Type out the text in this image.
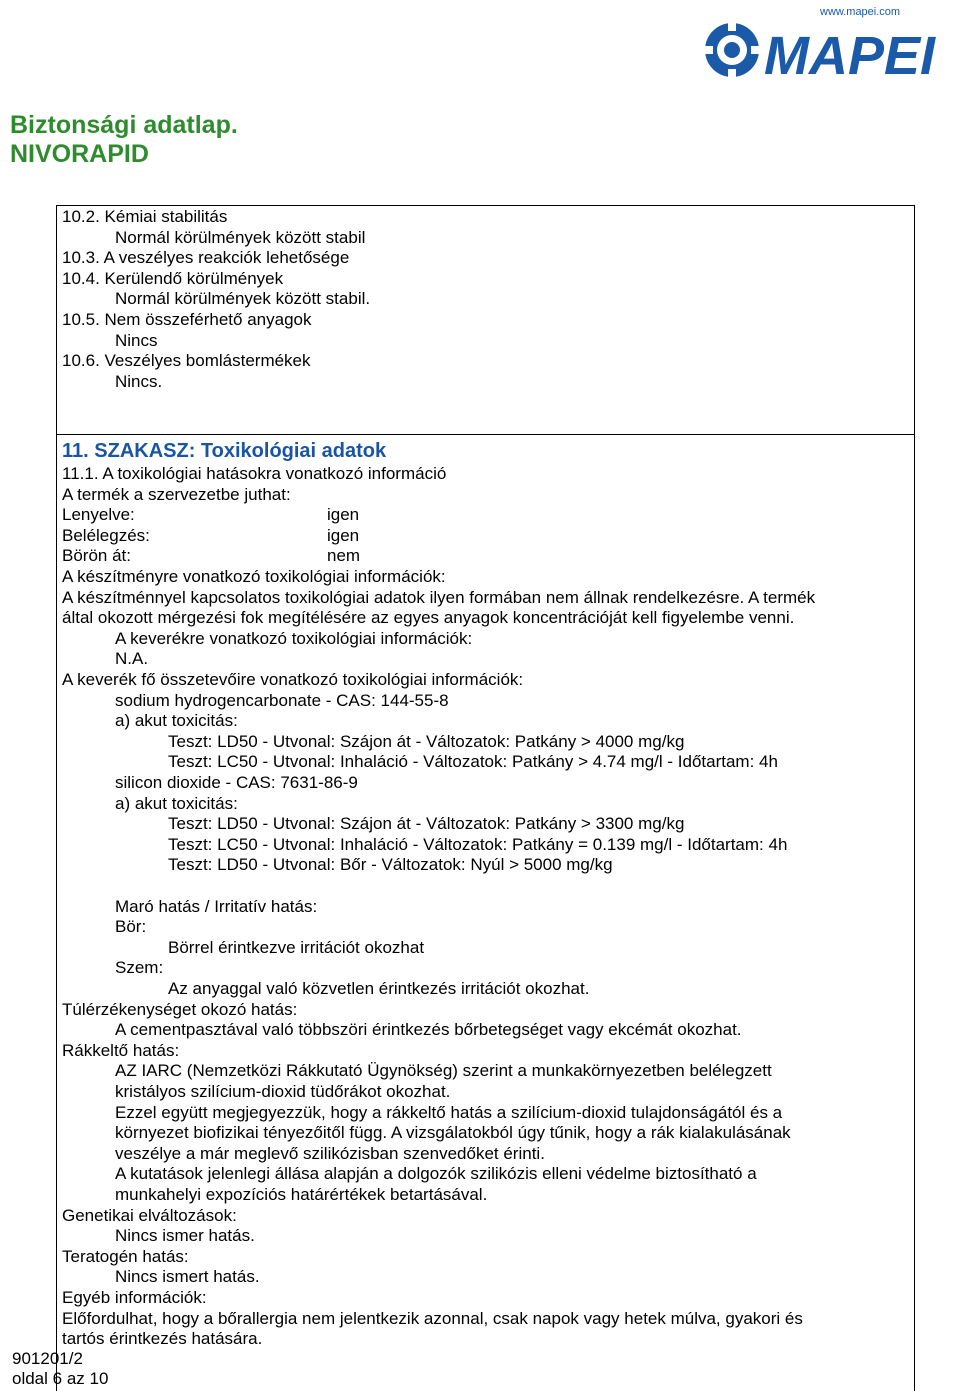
www.mapei.com
MAPEI
Biztonsági adatlap.
NIVORAPID
10.2. Kémiai stabilitás
Normál körülmények között stabil
10.3. A veszélyes reakciók lehetősége
10.4. Kerülendő körülmények
Normál körülmények között stabil.
10.5. Nem összeférhető anyagok
Nincs
10.6. Veszélyes bomlástermékek
Nincs.
11. SZAKASZ: Toxikológiai adatok
11.1. A toxikológiai hatásokra vonatkozó információ
A termék a szervezetbe juthat:
Lenyelve:	igen
Belélegzés:	igen
Börön át:	nem
A készítményre vonatkozó toxikológiai információk:
A készítménnyel kapcsolatos toxikológiai adatok ilyen formában nem állnak rendelkezésre. A termék
által okozott mérgezési fok megítélésére az egyes anyagok koncentrációját kell figyelembe venni.
A keverékre vonatkozó toxikológiai információk:
N.A.
A keverék fő összetevőire vonatkozó toxikológiai információk:
sodium hydrogencarbonate - CAS: 144-55-8
a) akut toxicitás:
Teszt: LD50 - Utvonal: Szájon át - Változatok: Patkány > 4000 mg/kg
Teszt: LC50 - Utvonal: Inhaláció - Változatok: Patkány > 4.74 mg/l - Időtartam: 4h
silicon dioxide - CAS: 7631-86-9
a) akut toxicitás:
Teszt: LD50 - Utvonal: Szájon át - Változatok: Patkány > 3300 mg/kg
Teszt: LC50 - Utvonal: Inhaláció - Változatok: Patkány = 0.139 mg/l - Időtartam: 4h
Teszt: LD50 - Utvonal: Bőr - Változatok: Nyúl > 5000 mg/kg
Maró hatás / Irritatív hatás:
Bör:
Börrel érintkezve irritációt okozhat
Szem:
Az anyaggal való közvetlen érintkezés irritációt okozhat.
Túlérzékenységet okozó hatás:
A cementpasztával való többszöri érintkezés bőrbetegséget vagy ekcémát okozhat.
Rákkeltő hatás:
AZ IARC (Nemzetközi Rákkutató Ügynökség) szerint a munkakörnyezetben belélegzett
kristályos szilícium-dioxid tüdőrákot okozhat.
Ezzel együtt megjegyezzük, hogy a rákkeltő hatás a szilícium-dioxid tulajdonságától és a
környezet biofizikai tényezőitől függ. A vizsgálatokból úgy tűnik, hogy a rák kialakulásának
veszélye a már meglevő szilikózisban szenvedőket érinti.
A kutatások jelenlegi állása alapján a dolgozók szilikózis elleni védelme biztosítható a
munkahelyi expozíciós határértékek betartásával.
Genetikai elváltozások:
Nincs ismer hatás.
Teratogén hatás:
Nincs ismert hatás.
Egyéb információk:
Előfordulhat, hogy a bőrallergia nem jelentkezik azonnal, csak napok vagy hetek múlva, gyakori és
tartós érintkezés hatására.
901201/2
oldal 6 az 10
